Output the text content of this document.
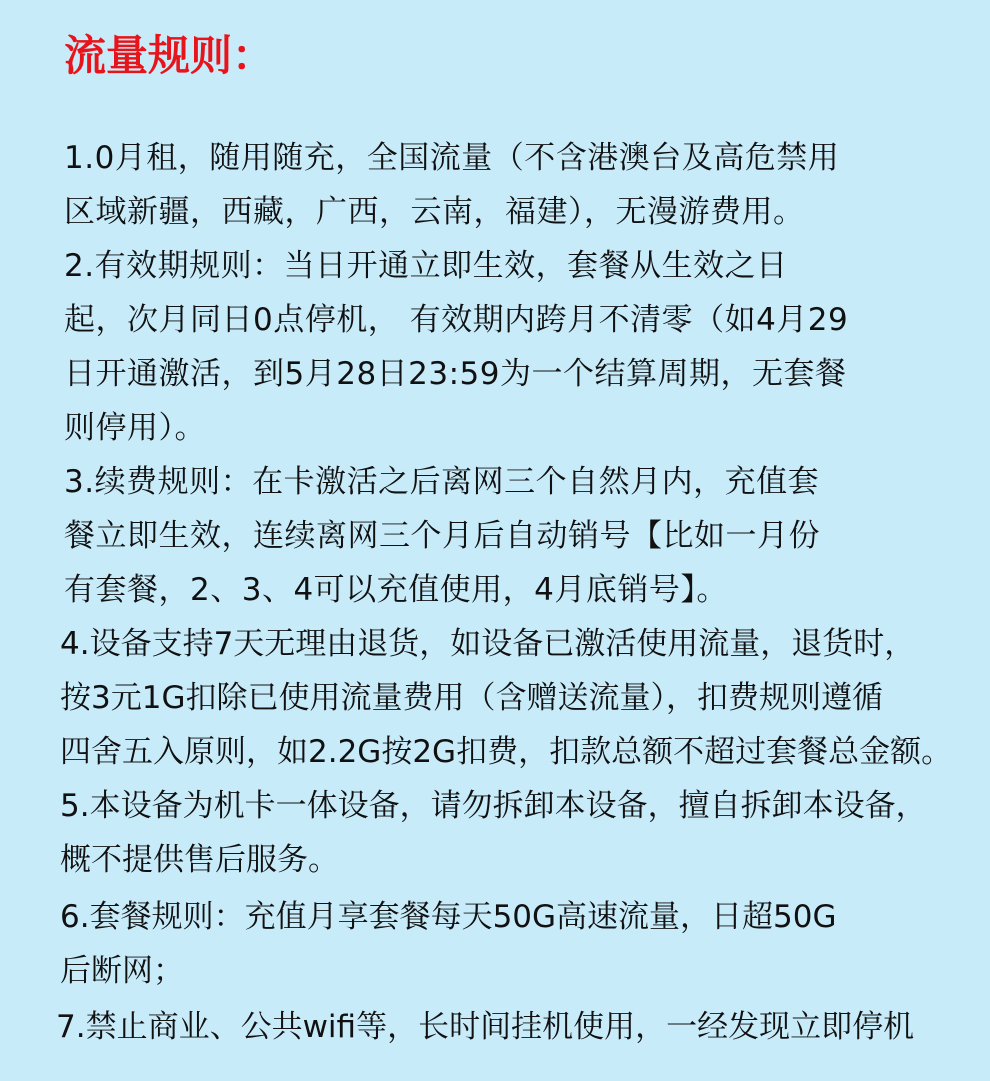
流量规则：

1.0月租，随用随充，全国流量（不含港澳台及高危禁用
区域新疆，西藏，广西，云南，福建），无漫游费用。

2.有效期规则：当日开通立即生效，套餐从生效之日
起，次月同日0点停机， 有效期内跨月不清零（如4月29
日开通激活，到5月28日23:59为一个结算周期，无套餐
则停用）。

3.续费规则：在卡激活之后离网三个自然月内，充值套
餐立即生效，连续离网三个月后自动销号【比如一月份
有套餐，2、3、4可以充值使用，4月底销号】。

4.设备支持7天无理由退货，如设备已激活使用流量，退货时，
按3元1G扣除已使用流量费用（含赠送流量），扣费规则遵循
四舍五入原则，如2.2G按2G扣费，扣款总额不超过套餐总金额。

5.本设备为机卡一体设备，请勿拆卸本设备，擅自拆卸本设备，
概不提供售后服务。

6.套餐规则：充值月享套餐每天50G高速流量，日超50G
后断网；

7.禁止商业、公共wifi等，长时间挂机使用，一经发现立即停机
